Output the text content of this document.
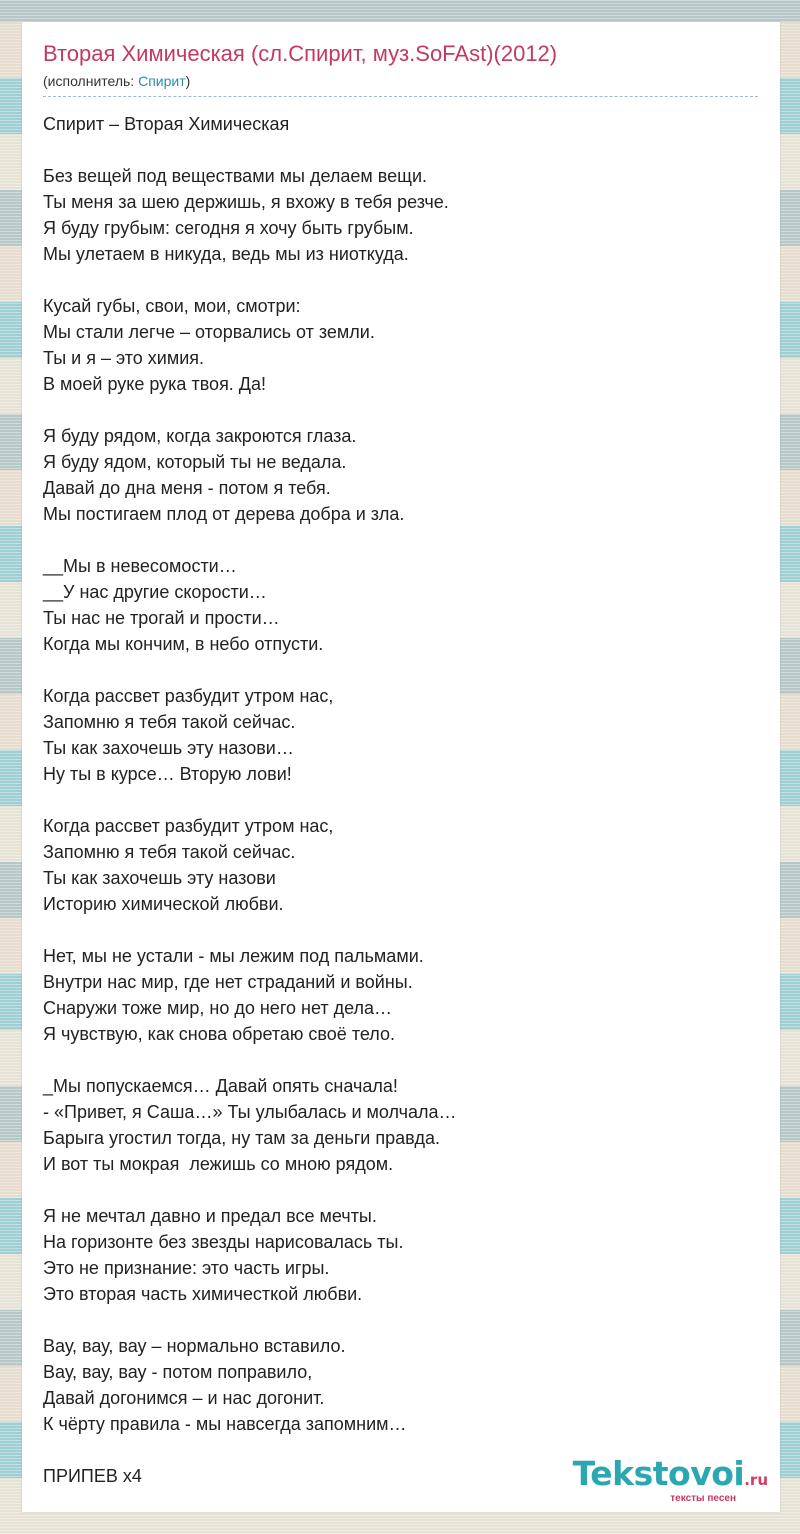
Вторая Химическая (сл.Спирит, муз.SoFAst)(2012)
(исполнитель: Спирит)

Спирит – Вторая Химическая

Без вещей под веществами мы делаем вещи.
Ты меня за шею держишь, я вхожу в тебя резче.
Я буду грубым: сегодня я хочу быть грубым.
Мы улетаем в никуда, ведь мы из ниоткуда.

Кусай губы, свои, мои, смотри:
Мы стали легче – оторвались от земли.
Ты и я – это химия.
В моей руке рука твоя. Да!

Я буду рядом, когда закроются глаза.
Я буду ядом, который ты не ведала.
Давай до дна меня - потом я тебя.
Мы постигаем плод от дерева добра и зла.

__Мы в невесомости…
__У нас другие скорости…
Ты нас не трогай и прости…
Когда мы кончим, в небо отпусти.

Когда рассвет разбудит утром нас,
Запомню я тебя такой сейчас.
Ты как захочешь эту назови…
Ну ты в курсе… Вторую лови!

Когда рассвет разбудит утром нас,
Запомню я тебя такой сейчас.
Ты как захочешь эту назови
Историю химической любви.

Нет, мы не устали - мы лежим под пальмами.
Внутри нас мир, где нет страданий и войны.
Снаружи тоже мир, но до него нет дела…
Я чувствую, как снова обретаю своё тело.

_Мы попускаемся… Давай опять сначала!
- «Привет, я Саша…» Ты улыбалась и молчала…
Барыга угостил тогда, ну там за деньги правда.
И вот ты мокрая  лежишь со мною рядом.

Я не мечтал давно и предал все мечты.
На горизонте без звезды нарисовалась ты.
Это не признание: это часть игры.
Это вторая часть химичесткой любви.

Вау, вау, вау – нормально вставило.
Вау, вау, вау - потом поправило,
Давай догонимся – и нас догонит.
К чёрту правила - мы навсегда запомним…

ПРИПЕВ x4	Tekstovoi.ru
тексты песен
